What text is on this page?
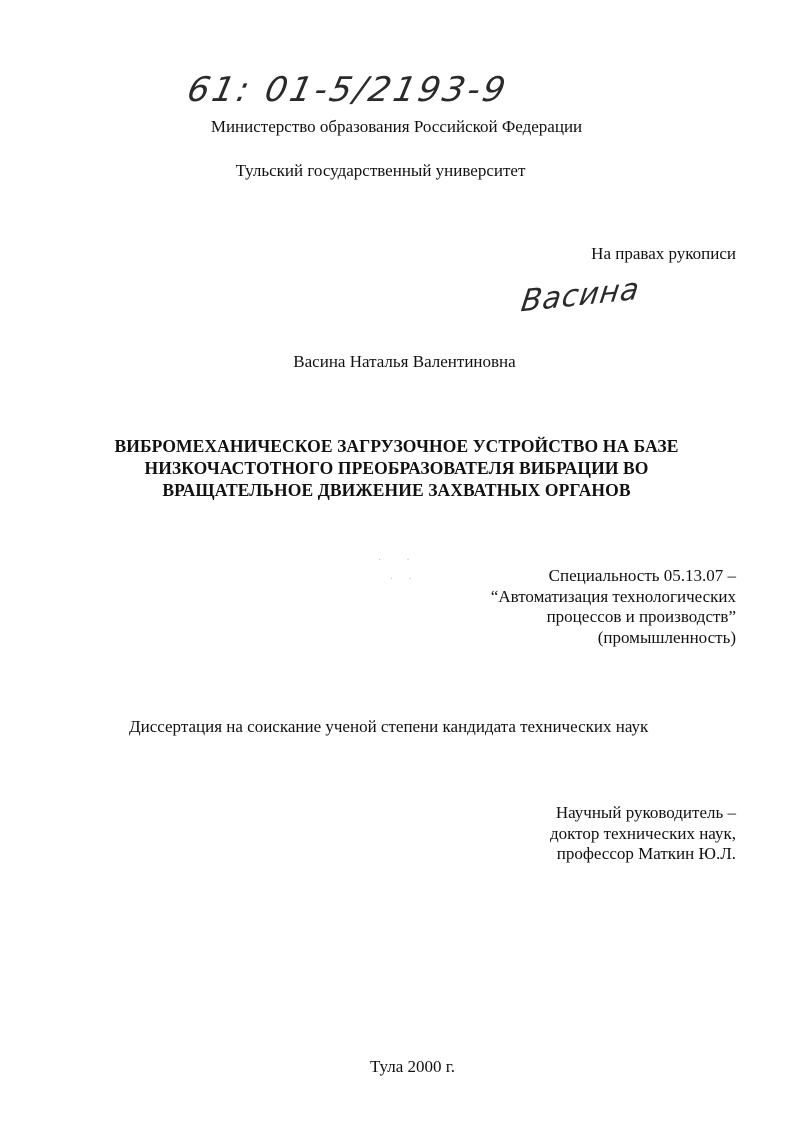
61: 01-5/2193-9
Министерство образования Российской Федерации
Тульский государственный университет
На правах рукописи
Васина
Васина Наталья Валентиновна
ВИБРОМЕХАНИЧЕСКОЕ ЗАГРУЗОЧНОЕ УСТРОЙСТВО НА БАЗЕ
НИЗКОЧАСТОТНОГО ПРЕОБРАЗОВАТЕЛЯ ВИБРАЦИИ ВО
ВРАЩАТЕЛЬНОЕ ДВИЖЕНИЕ ЗАХВАТНЫХ ОРГАНОВ
·          ·
·      ·	Специальность 05.13.07 –
“Автоматизация технологических
процессов и производств”
(промышленность)
Диссертация на соискание ученой степени кандидата технических наук
Научный руководитель –
доктор технических наук,
профессор Маткин Ю.Л.
Тула 2000 г.
